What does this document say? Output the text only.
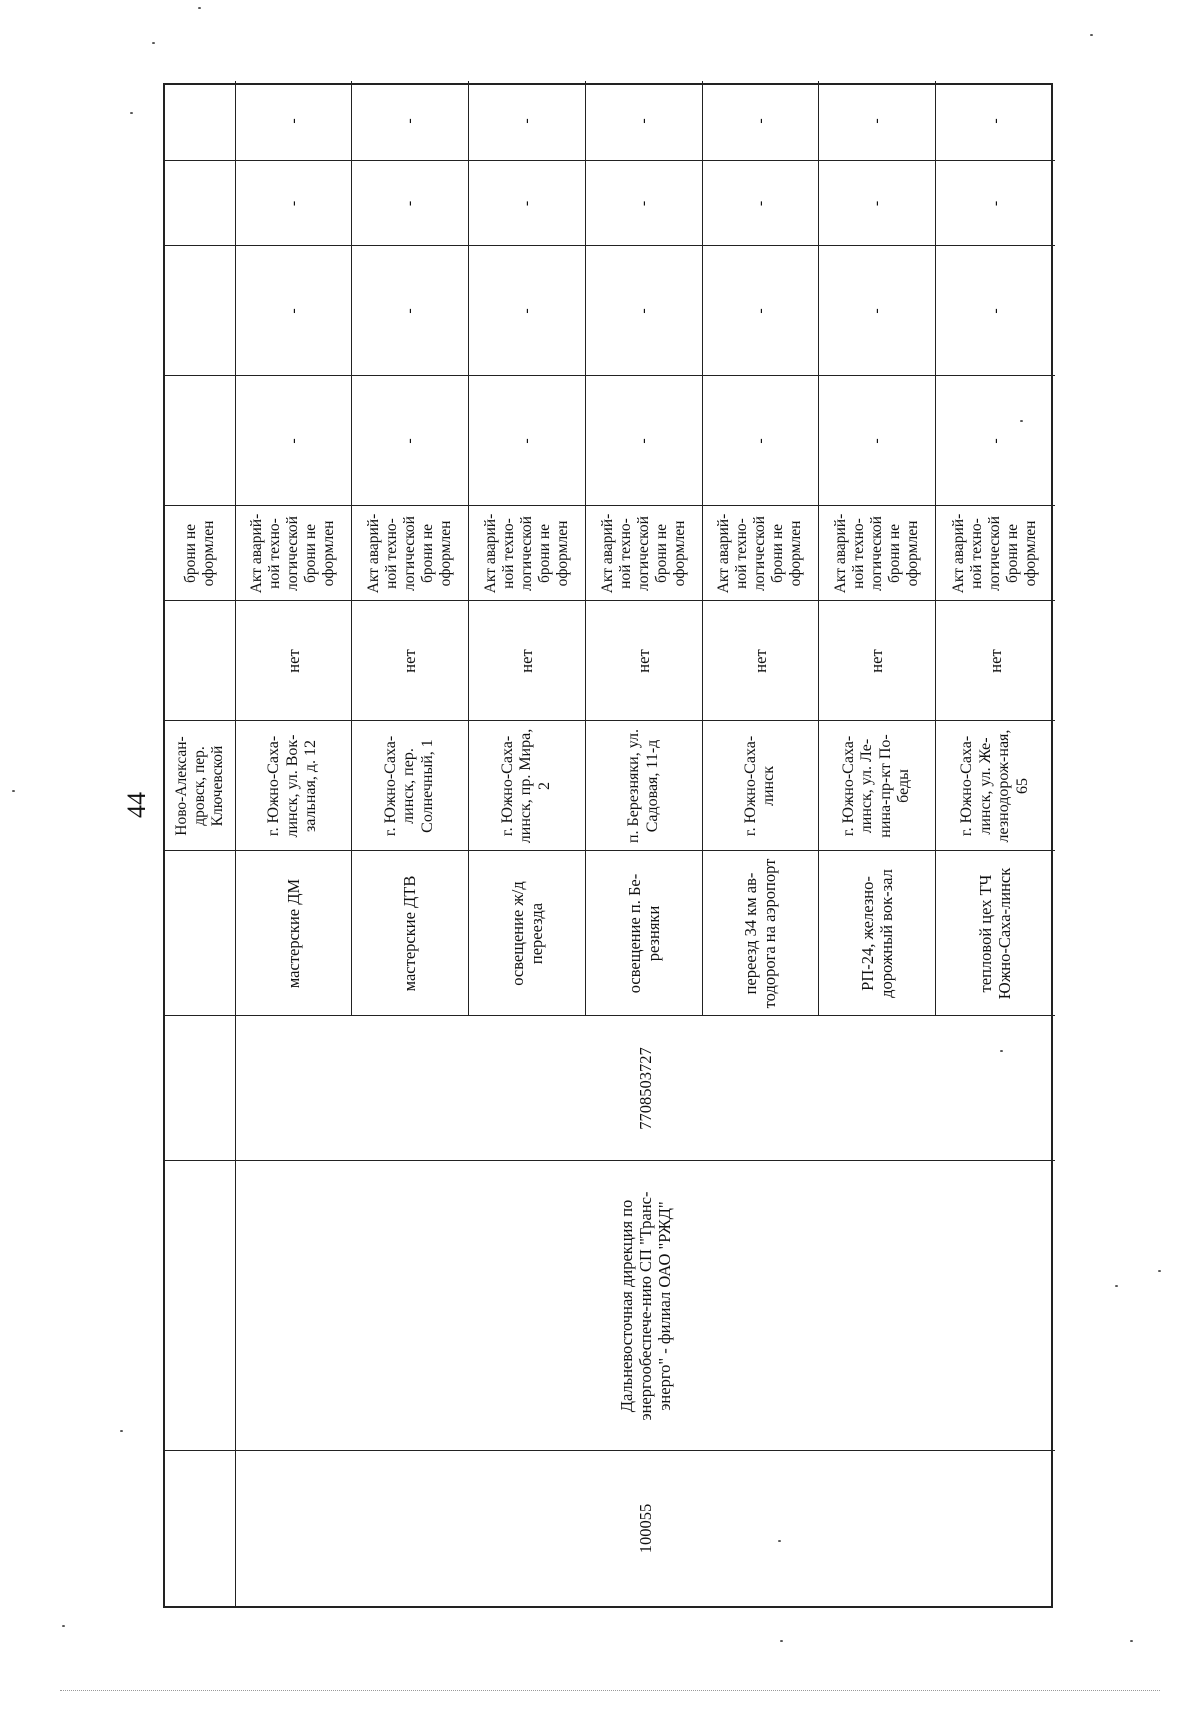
44
100055
Дальневосточная дирекция по энергообеспече-нию СП "Транс-энерго" - филиал ОАО "РЖД"
7708503727
Ново-Алексан-дровск, пер. Ключевской
брони не оформлен
мастерские ДМ
г. Южно-Саха-линск, ул. Вок-зальная, д. 12
нет
Акт аварий-ной техно-логической брони не оформлен
-
-
-
-
мастерские ДТВ
г. Южно-Саха-линск, пер. Солнечный, 1
нет
Акт аварий-ной техно-логической брони не оформлен
-
-
-
-
освещение ж/д переезда
г. Южно-Саха-линск, пр. Мира, 2
нет
Акт аварий-ной техно-логической брони не оформлен
-
-
-
-
освещение п. Бе-резняки
п. Березняки, ул. Садовая, 11-д
нет
Акт аварий-ной техно-логической брони не оформлен
-
-
-
-
переезд 34 км ав-тодорога на аэропорт
г. Южно-Саха-линск
нет
Акт аварий-ной техно-логической брони не оформлен
-
-
-
-
РП-24, железно-дорожный вок-зал
г. Южно-Саха-линск, ул. Ле-нина-пр-кт По-беды
нет
Акт аварий-ной техно-логической брони не оформлен
-
-
-
-
тепловой цех ТЧ Южно-Саха-линск
г. Южно-Саха-линск, ул. Же-лезнодорож-ная, 65
нет
Акт аварий-ной техно-логической брони не оформлен
-
-
-
-
